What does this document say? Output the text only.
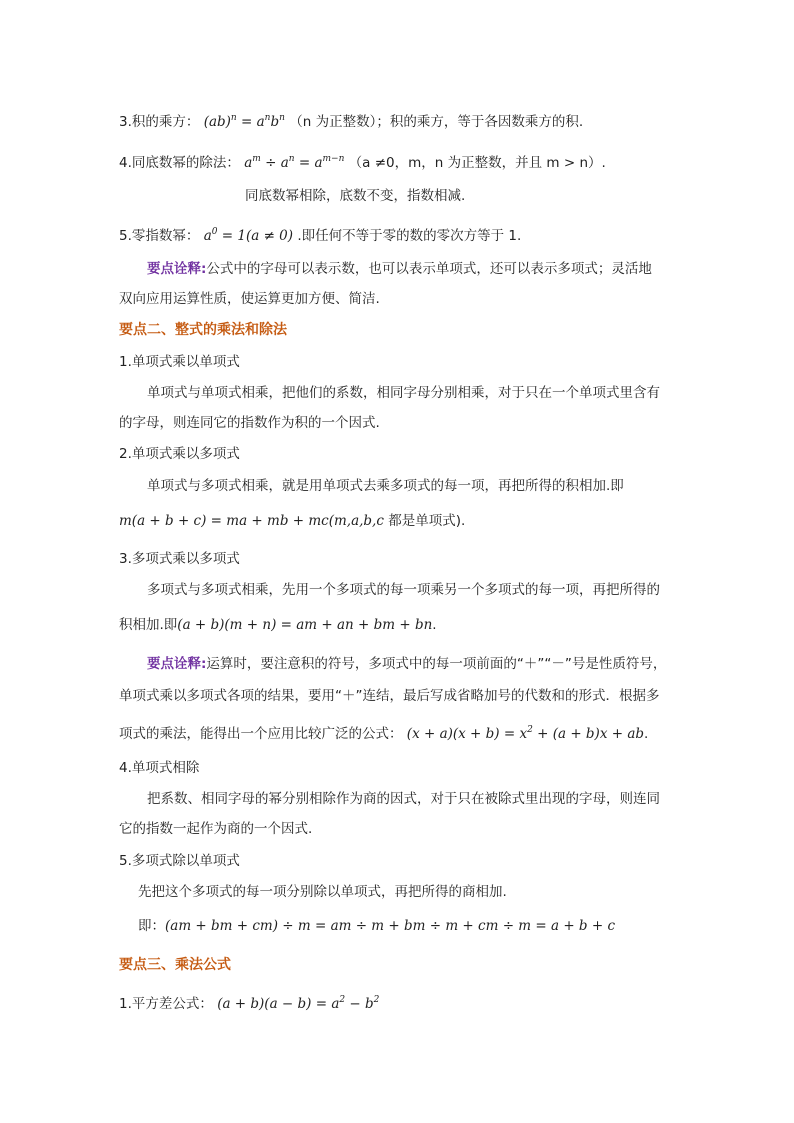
3.积的乘方： $(ab)^n = a^nb^n$ （n 为正整数）；积的乘方，等于各因数乘方的积.
4.同底数幂的除法： $a^m \div a^n = a^{m-n}$ （a ≠0，m，n 为正整数，并且 m > n）.
同底数幂相除，底数不变，指数相减.
5.零指数幂： $a^0 = 1(a \ne 0)$ .即任何不等于零的数的零次方等于 1.
要点诠释:公式中的字母可以表示数，也可以表示单项式，还可以表示多项式；灵活地
双向应用运算性质，使运算更加方便、简洁.
要点二、整式的乘法和除法
1.单项式乘以单项式
单项式与单项式相乘，把他们的系数，相同字母分别相乘，对于只在一个单项式里含有
的字母，则连同它的指数作为积的一个因式.
2.单项式乘以多项式
单项式与多项式相乘，就是用单项式去乘多项式的每一项，再把所得的积相加.即
m(a + b + c) = ma + mb + mc(m,a,b,c 都是单项式).
3.多项式乘以多项式
多项式与多项式相乘，先用一个多项式的每一项乘另一个多项式的每一项，再把所得的
积相加.即(a + b)(m + n) = am + an + bm + bn.
要点诠释:运算时，要注意积的符号，多项式中的每一项前面的“＋”“－”号是性质符号，
单项式乘以多项式各项的结果，要用“＋”连结，最后写成省略加号的代数和的形式．根据多
项式的乘法，能得出一个应用比较广泛的公式： $(x + a)(x + b) = x^2 + (a + b)x$ + ab.
4.单项式相除
把系数、相同字母的幂分别相除作为商的因式，对于只在被除式里出现的字母，则连同
它的指数一起作为商的一个因式.
5.多项式除以单项式
先把这个多项式的每一项分别除以单项式，再把所得的商相加.
即：(am + bm + cm) ÷ m = am ÷ m + bm ÷ m + cm ÷ m = a + b + c
要点三、乘法公式
1.平方差公式： $(a + b)(a - b) = a^2 - b^2$
